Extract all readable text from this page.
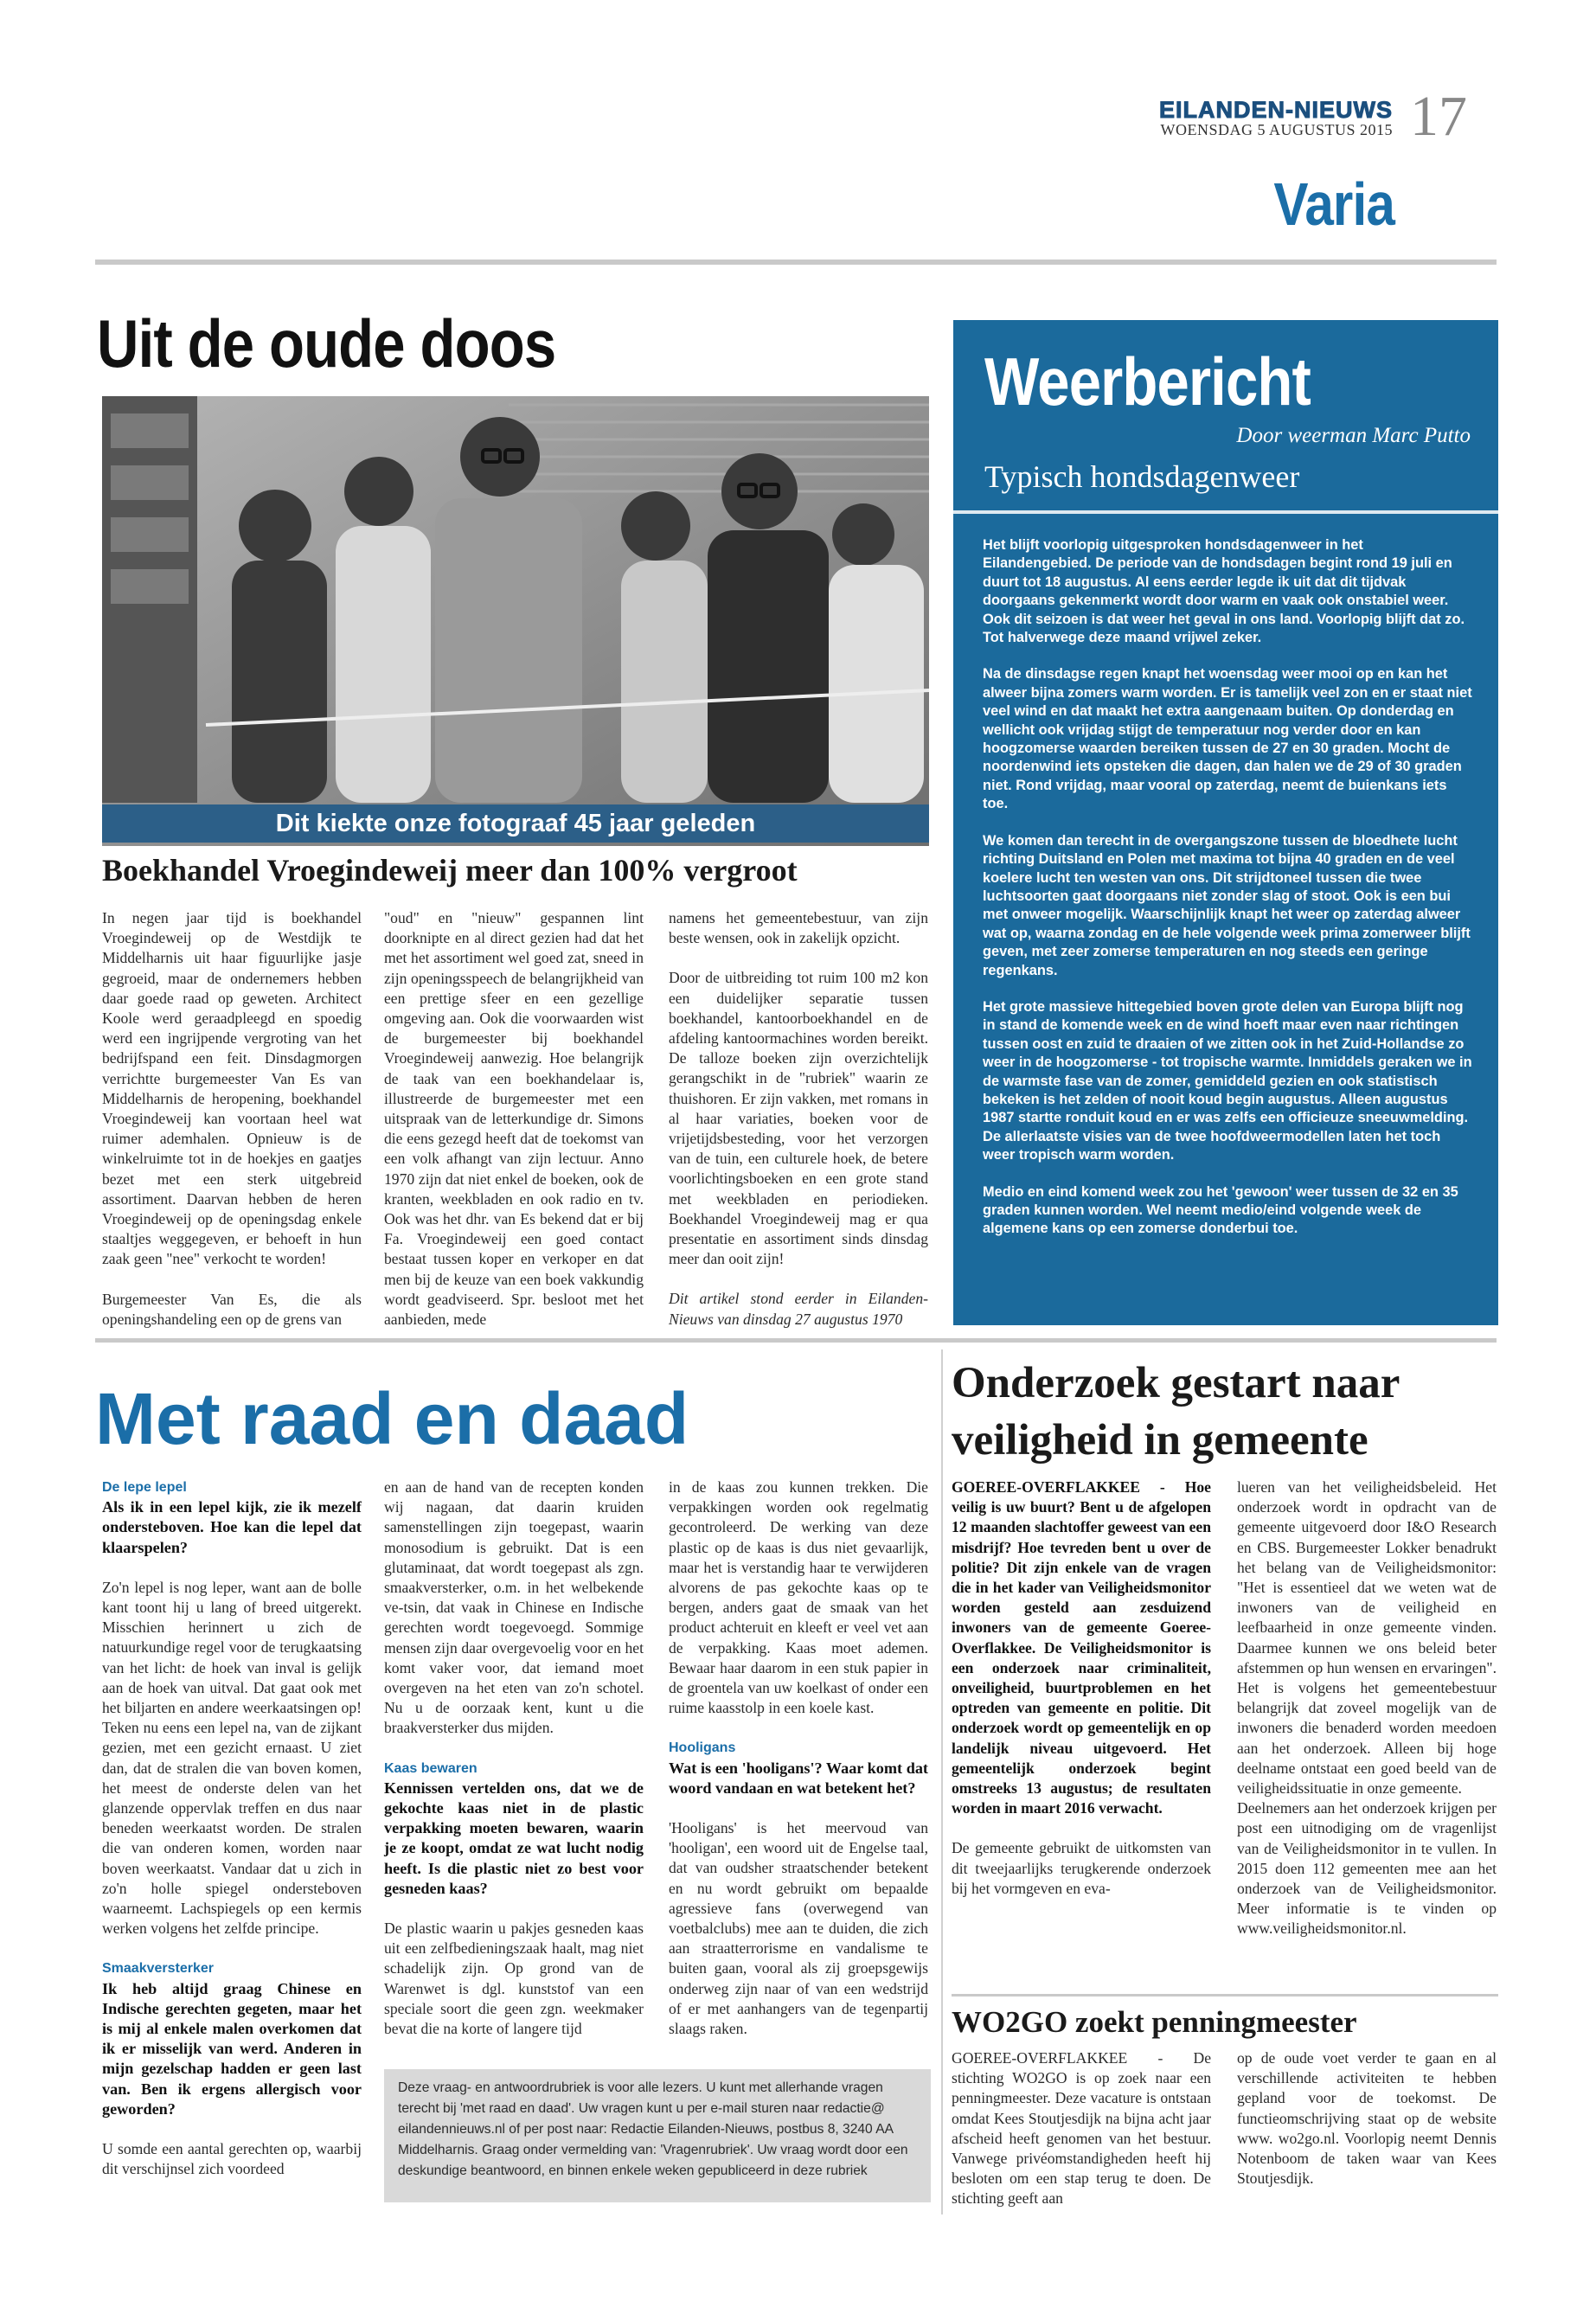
EILANDEN-NIEUWS
WOENSDAG 5 AUGUSTUS 2015 17
Varia
Uit de oude doos
Dit kiekte onze fotograaf 45 jaar geleden
Boekhandel Vroegindeweij meer dan 100% vergroot

In negen jaar tijd is boekhandel Vroegindeweij op de Westdijk te Middelharnis uit haar figuurlijke jasje gegroeid, maar de ondernemers hebben daar goede raad op geweten. Architect Koole werd geraadpleegd en spoedig werd een ingrijpende vergroting van het bedrijfspand een feit. Dinsdagmorgen verrichtte burgemeester Van Es van Middelharnis de heropening, boekhandel Vroegindeweij kan voortaan heel wat ruimer ademhalen. Opnieuw is de winkelruimte tot in de hoekjes en gaatjes bezet met een sterk uitgebreid assortiment. Daarvan hebben de heren Vroegindeweij op de openingsdag enkele staaltjes weggegeven, er behoeft in hun zaak geen "nee" verkocht te worden!

Burgemeester Van Es, die als openingshandeling een op de grens van

"oud" en "nieuw" gespannen lint doorknipte en al direct gezien had dat het met het assortiment wel goed zat, sneed in zijn openingsspeech de belangrijkheid van een prettige sfeer en een gezellige omgeving aan. Ook die voorwaarden wist de burgemeester bij boekhandel Vroegindeweij aanwezig. Hoe belangrijk de taak van een boekhandelaar is, illustreerde de burgemeester met een uitspraak van de letterkundige dr. Simons die eens gezegd heeft dat de toekomst van een volk afhangt van zijn lectuur. Anno 1970 zijn dat niet enkel de boeken, ook de kranten, weekbladen en ook radio en tv. Ook was het dhr. van Es bekend dat er bij Fa. Vroegindeweij een goed contact bestaat tussen koper en verkoper en dat men bij de keuze van een boek vakkundig wordt geadviseerd. Spr. besloot met het aanbieden, mede

namens het gemeentebestuur, van zijn beste wensen, ook in zakelijk opzicht.

Door de uitbreiding tot ruim 100 m2 kon een duidelijker separatie tussen boekhandel, kantoorboekhandel en de afdeling kantoormachines worden bereikt. De talloze boeken zijn overzichtelijk gerangschikt in de "rubriek" waarin ze thuishoren. Er zijn vakken, met romans in al haar variaties, boeken voor de vrijetijdsbesteding, voor het verzorgen van de tuin, een culturele hoek, de betere voorlichtingsboeken en een grote stand met weekbladen en periodieken. Boekhandel Vroegindeweij mag er qua presentatie en assortiment sinds dinsdag meer dan ooit zijn!

Dit artikel stond eerder in Eilanden-Nieuws van dinsdag 27 augustus 1970

Weerbericht
Door weerman Marc Putto
Typisch hondsdagenweer

Het blijft voorlopig uitgesproken hondsdagenweer in het Eilandengebied. De periode van de hondsdagen begint rond 19 juli en duurt tot 18 augustus. Al eens eerder legde ik uit dat dit tijdvak doorgaans gekenmerkt wordt door warm en vaak ook onstabiel weer. Ook dit seizoen is dat weer het geval in ons land. Voorlopig blijft dat zo. Tot halverwege deze maand vrijwel zeker.

Na de dinsdagse regen knapt het woensdag weer mooi op en kan het alweer bijna zomers warm worden. Er is tamelijk veel zon en er staat niet veel wind en dat maakt het extra aangenaam buiten. Op donderdag en wellicht ook vrijdag stijgt de temperatuur nog verder door en kan hoogzomerse waarden bereiken tussen de 27 en 30 graden. Mocht de noordenwind iets opsteken die dagen, dan halen we de 29 of 30 graden niet. Rond vrijdag, maar vooral op zaterdag, neemt de buienkans iets toe.

We komen dan terecht in de overgangszone tussen de bloedhete lucht richting Duitsland en Polen met maxima tot bijna 40 graden en de veel koelere lucht ten westen van ons. Dit strijdtoneel tussen die twee luchtsoorten gaat doorgaans niet zonder slag of stoot. Ook is een bui met onweer mogelijk. Waarschijnlijk knapt het weer op zaterdag alweer wat op, waarna zondag en de hele volgende week prima zomerweer blijft geven, met zeer zomerse temperaturen en nog steeds een geringe regenkans.

Het grote massieve hittegebied boven grote delen van Europa blijft nog in stand de komende week en de wind hoeft maar even naar richtingen tussen oost en zuid te draaien of we zitten ook in het Zuid-Hollandse zo weer in de hoogzomerse - tot tropische warmte. Inmiddels geraken we in de warmste fase van de zomer, gemiddeld gezien en ook statistisch bekeken is het zelden of nooit koud begin augustus. Alleen augustus 1987 startte ronduit koud en er was zelfs een officieuze sneeuwmelding. De allerlaatste visies van de twee hoofdweermodellen laten het toch weer tropisch warm worden.

Medio en eind komend week zou het 'gewoon' weer tussen de 32 en 35 graden kunnen worden. Wel neemt medio/eind volgende week de algemene kans op een zomerse donderbui toe.

Met raad en daad
De lepe lepel
Als ik in een lepel kijk, zie ik mezelf ondersteboven. Hoe kan die lepel dat klaarspelen?

Zo'n lepel is nog leper, want aan de bolle kant toont hij u lang of breed uitgerekt. Misschien herinnert u zich de natuurkundige regel voor de terugkaatsing van het licht: de hoek van inval is gelijk aan de hoek van uitval. Dat gaat ook met het biljarten en andere weerkaatsingen op! Teken nu eens een lepel na, van de zijkant gezien, met een gezicht ernaast. U ziet dan, dat de stralen die van boven komen, het meest de onderste delen van het glanzende oppervlak treffen en dus naar beneden weerkaatst worden. De stralen die van onderen komen, worden naar boven weerkaatst. Vandaar dat u zich in zo'n holle spiegel ondersteboven waarneemt. Lachspiegels op een kermis werken volgens het zelfde principe.

Smaakversterker
Ik heb altijd graag Chinese en Indische gerechten gegeten, maar het is mij al enkele malen overkomen dat ik er misselijk van werd. Anderen in mijn gezelschap hadden er geen last van. Ben ik ergens allergisch voor geworden?

U somde een aantal gerechten op, waarbij dit verschijnsel zich voordeed

en aan de hand van de recepten konden wij nagaan, dat daarin kruiden samenstellingen zijn toegepast, waarin monosodium is gebruikt. Dat is een glutaminaat, dat wordt toegepast als zgn. smaakversterker, o.m. in het welbekende ve-tsin, dat vaak in Chinese en Indische gerechten wordt toegevoegd. Sommige mensen zijn daar overgevoelig voor en het komt vaker voor, dat iemand moet overgeven na het eten van zo'n schotel. Nu u de oorzaak kent, kunt u die braakversterker dus mijden.

Kaas bewaren
Kennissen vertelden ons, dat we de gekochte kaas niet in de plastic verpakking moeten bewaren, waarin je ze koopt, omdat ze wat lucht nodig heeft. Is die plastic niet zo best voor gesneden kaas?

De plastic waarin u pakjes gesneden kaas uit een zelfbedieningszaak haalt, mag niet schadelijk zijn. Op grond van de Warenwet is dgl. kunststof van een speciale soort die geen zgn. weekmaker bevat die na korte of langere tijd

in de kaas zou kunnen trekken. Die verpakkingen worden ook regelmatig gecontroleerd. De werking van deze plastic op de kaas is dus niet gevaarlijk, maar het is verstandig haar te verwijderen alvorens de pas gekochte kaas op te bergen, anders gaat de smaak van het product achteruit en kleeft er veel vet aan de verpakking. Kaas moet ademen. Bewaar haar daarom in een stuk papier in de groentela van uw koelkast of onder een ruime kaasstolp in een koele kast.

Hooligans
Wat is een 'hooligans'? Waar komt dat woord vandaan en wat betekent het?

'Hooligans' is het meervoud van 'hooligan', een woord uit de Engelse taal, dat van oudsher straatschender betekent en nu wordt gebruikt om bepaalde agressieve fans (overwegend van voetbalclubs) mee aan te duiden, die zich aan straatterrorisme en vandalisme te buiten gaan, vooral als zij groepsgewijs onderweg zijn naar of van een wedstrijd of er met aanhangers van de tegenpartij slaags raken.

Deze vraag- en antwoordrubriek is voor alle lezers. U kunt met allerhande vragen terecht bij 'met raad en daad'. Uw vragen kunt u per e-mail sturen naar redactie@ eilandennieuws.nl of per post naar: Redactie Eilanden-Nieuws, postbus 8, 3240 AA Middelharnis. Graag onder vermelding van: 'Vragenrubriek'. Uw vraag wordt door een deskundige beantwoord, en binnen enkele weken gepubliceerd in deze rubriek
Onderzoek gestart naar veiligheid in gemeente

GOEREE-OVERFLAKKEE - Hoe veilig is uw buurt? Bent u de afgelopen 12 maanden slachtoffer geweest van een misdrijf? Hoe tevreden bent u over de politie? Dit zijn enkele van de vragen die in het kader van Veiligheidsmonitor worden gesteld aan zesduizend inwoners van de gemeente Goeree-Overflakkee. De Veiligheidsmonitor is een onderzoek naar criminaliteit, onveiligheid, buurtproblemen en het optreden van gemeente en politie. Dit onderzoek wordt op gemeentelijk en op landelijk niveau uitgevoerd. Het gemeentelijk onderzoek begint omstreeks 13 augustus; de resultaten worden in maart 2016 verwacht.

De gemeente gebruikt de uitkomsten van dit tweejaarlijks terugkerende onderzoek bij het vormgeven en eva-

lueren van het veiligheidsbeleid. Het onderzoek wordt in opdracht van de gemeente uitgevoerd door I&O Research en CBS. Burgemeester Lokker benadrukt het belang van de Veiligheidsmonitor: "Het is essentieel dat we weten wat de inwoners van de veiligheid en leefbaarheid in onze gemeente vinden. Daarmee kunnen we ons beleid beter afstemmen op hun wensen en ervaringen". Het is volgens het gemeentebestuur belangrijk dat zoveel mogelijk van de inwoners die benaderd worden meedoen aan het onderzoek. Alleen bij hoge deelname ontstaat een goed beeld van de veiligheidssituatie in onze gemeente.

Deelnemers aan het onderzoek krijgen per post een uitnodiging om de vragenlijst van de Veiligheidsmonitor in te vullen. In 2015 doen 112 gemeenten mee aan het onderzoek van de Veiligheidsmonitor. Meer informatie is te vinden op www.veiligheidsmonitor.nl.

WO2GO zoekt penningmeester

GOEREE-OVERFLAKKEE - De stichting WO2GO is op zoek naar een penningmeester. Deze vacature is ontstaan omdat Kees Stoutjesdijk na bijna acht jaar afscheid heeft genomen van het bestuur. Vanwege privéomstandigheden heeft hij besloten om een stap terug te doen. De stichting geeft aan

op de oude voet verder te gaan en al verschillende activiteiten te hebben gepland voor de toekomst. De functieomschrijving staat op de website www. wo2go.nl. Voorlopig neemt Dennis Notenboom de taken waar van Kees Stoutjesdijk.
